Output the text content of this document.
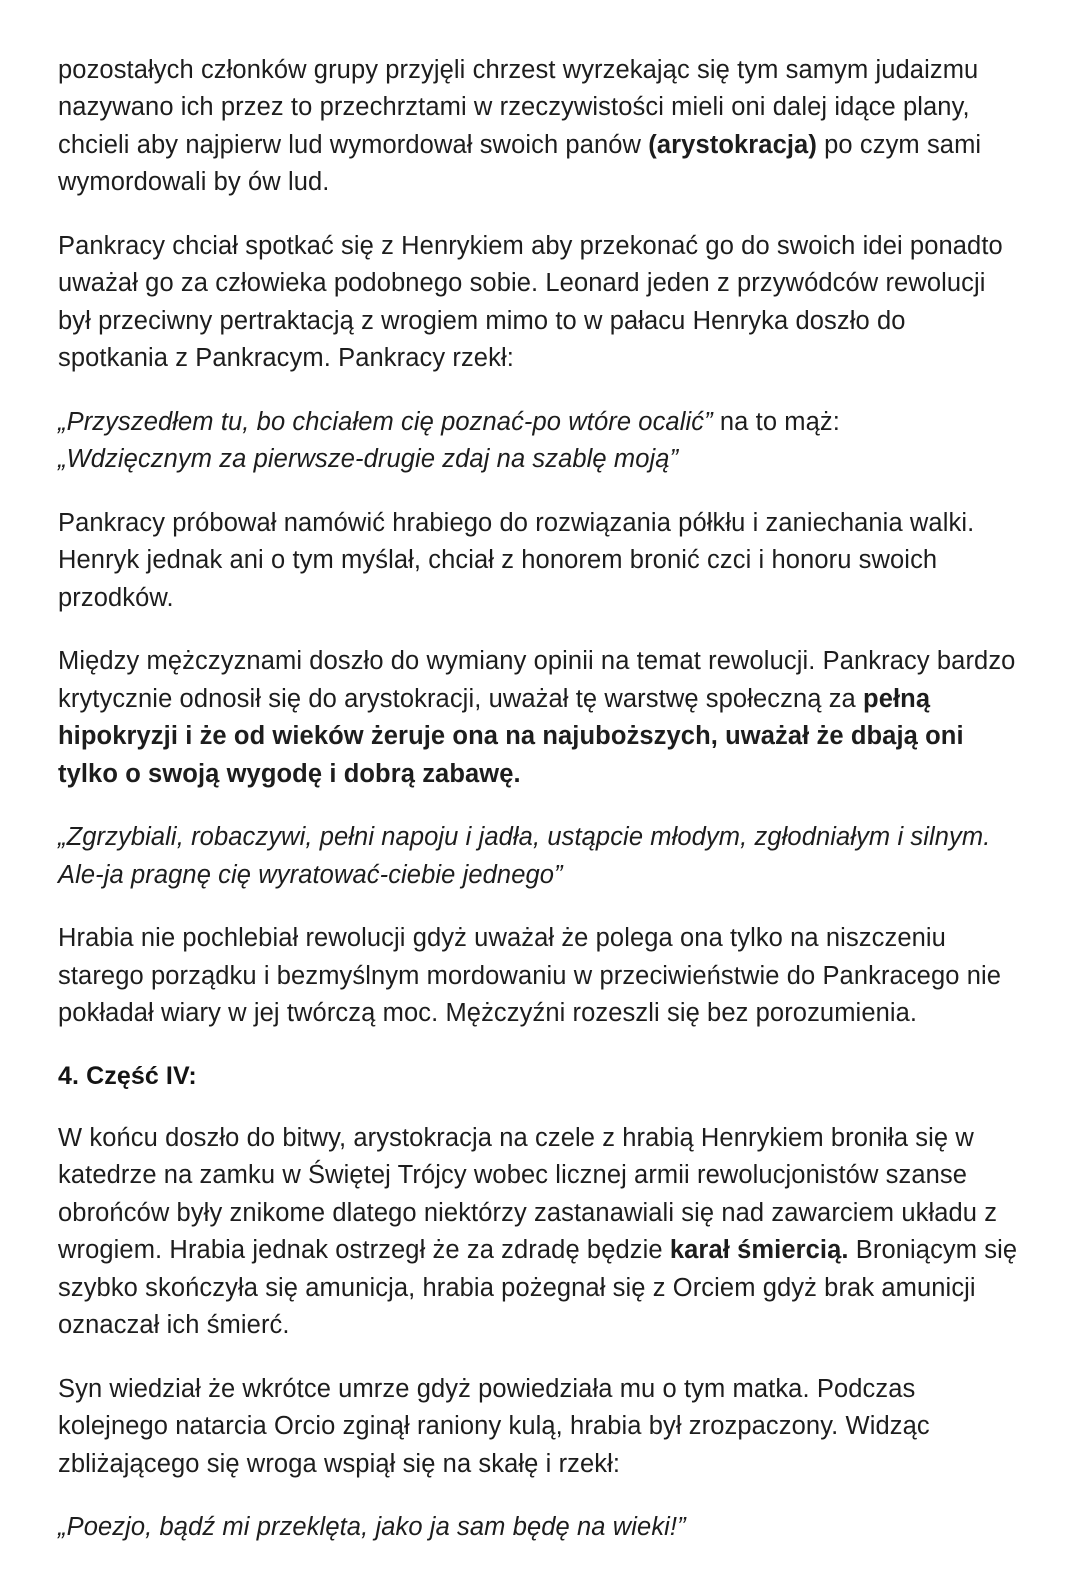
pozostałych członków grupy przyjęli chrzest wyrzekając się tym samym judaizmu nazywano ich przez to przechrztami w rzeczywistości mieli oni dalej idące plany, chcieli aby najpierw lud wymordował swoich panów (arystokracja) po czym sami wymordowali by ów lud.

Pankracy chciał spotkać się z Henrykiem aby przekonać go do swoich idei ponadto uważał go za człowieka podobnego sobie. Leonard jeden z przywódców rewolucji był przeciwny pertraktacją z wrogiem mimo to w pałacu Henryka doszło do spotkania z Pankracym. Pankracy rzekł:

„Przyszedłem tu, bo chciałem cię poznać-po wtóre ocalić” na to mąż:
„Wdzięcznym za pierwsze-drugie zdaj na szablę moją”

Pankracy próbował namówić hrabiego do rozwiązania półkłu i zaniechania walki. Henryk jednak ani o tym myślał, chciał z honorem bronić czci i honoru swoich przodków.

Między mężczyznami doszło do wymiany opinii na temat rewolucji. Pankracy bardzo krytycznie odnosił się do arystokracji, uważał tę warstwę społeczną za pełną hipokryzji i że od wieków żeruje ona na najuboższych, uważał że dbają oni tylko o swoją wygodę i dobrą zabawę.

„Zgrzybiali, robaczywi, pełni napoju i jadła, ustąpcie młodym, zgłodniałym i silnym. Ale-ja pragnę cię wyratować-ciebie jednego”

Hrabia nie pochlebiał rewolucji gdyż uważał że polega ona tylko na niszczeniu starego porządku i bezmyślnym mordowaniu w przeciwieństwie do Pankracego nie pokładał wiary w jej twórczą moc. Mężczyźni rozeszli się bez porozumienia.

4. Część IV:

W końcu doszło do bitwy, arystokracja na czele z hrabią Henrykiem broniła się w katedrze na zamku w Świętej Trójcy wobec licznej armii rewolucjonistów szanse obrońców były znikome dlatego niektórzy zastanawiali się nad zawarciem układu z wrogiem. Hrabia jednak ostrzegł że za zdradę będzie karał śmiercią. Broniącym się szybko skończyła się amunicja, hrabia pożegnał się z Orciem gdyż brak amunicji oznaczał ich śmierć.

Syn wiedział że wkrótce umrze gdyż powiedziała mu o tym matka. Podczas kolejnego natarcia Orcio zginął raniony kulą, hrabia był zrozpaczony. Widząc zbliżającego się wroga wspiął się na skałę i rzekł:

„Poezjo, bądź mi przeklęta, jako ja sam będę na wieki!”
